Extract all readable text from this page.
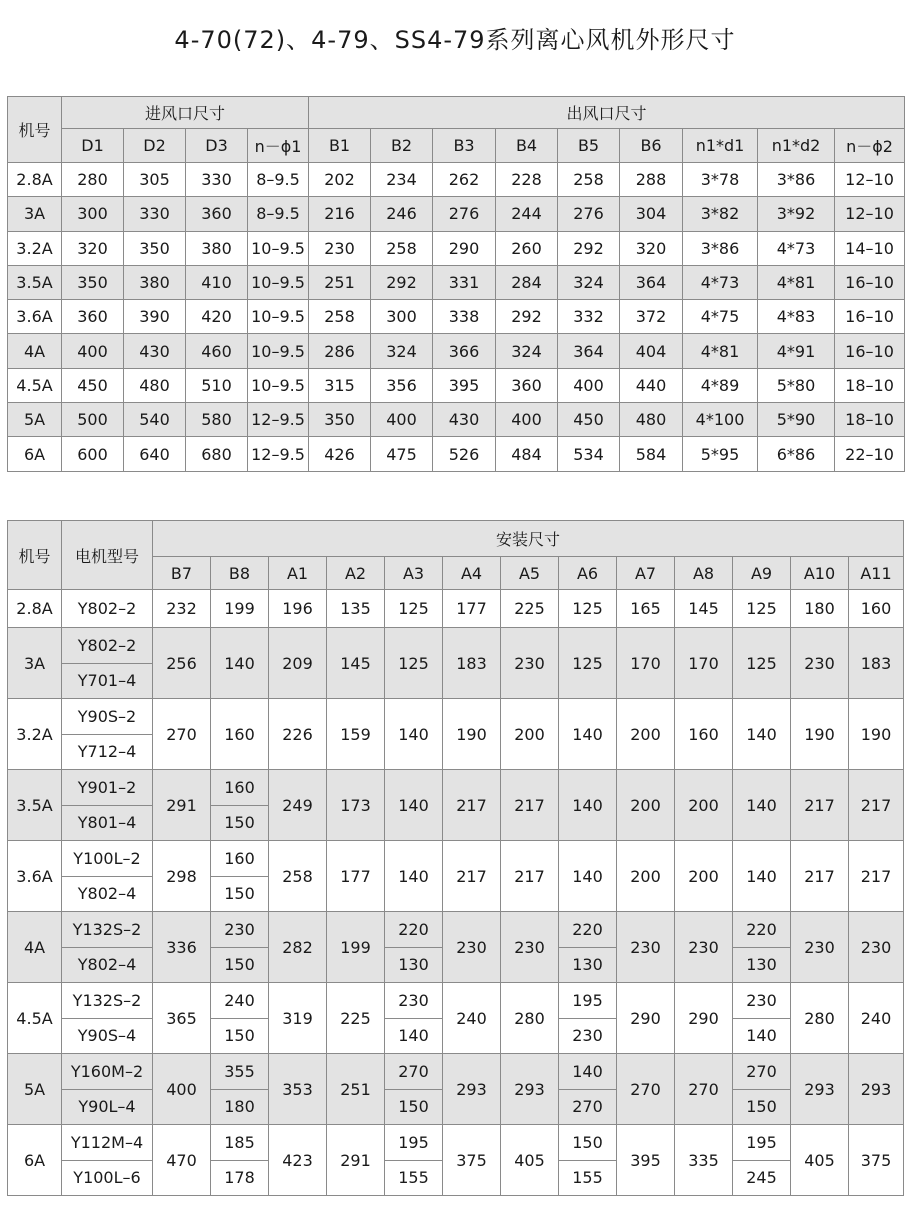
4-70(72)、4-79、SS4-79系列离心风机外形尺寸
机号	进风口尺寸				出风口尺寸								
	D1	D2	D3	n－ϕ1	B1	B2	B3	B4	B5	B6	n1*d1	n1*d2	n－ϕ2
2.8A	280	305	330	8–9.5	202	234	262	228	258	288	3*78	3*86	12–10
3A	300	330	360	8–9.5	216	246	276	244	276	304	3*82	3*92	12–10
3.2A	320	350	380	10–9.5	230	258	290	260	292	320	3*86	4*73	14–10
3.5A	350	380	410	10–9.5	251	292	331	284	324	364	4*73	4*81	16–10
3.6A	360	390	420	10–9.5	258	300	338	292	332	372	4*75	4*83	16–10
4A	400	430	460	10–9.5	286	324	366	324	364	404	4*81	4*91	16–10
4.5A	450	480	510	10–9.5	315	356	395	360	400	440	4*89	5*80	18–10
5A	500	540	580	12–9.5	350	400	430	400	450	480	4*100	5*90	18–10
6A	600	640	680	12–9.5	426	475	526	484	534	584	5*95	6*86	22–10
机号	电机型号	安装尺寸												
		B7	B8	A1	A2	A3	A4	A5	A6	A7	A8	A9	A10	A11
2.8A	Y802–2	232	199	196	135	125	177	225	125	165	145	125	180	160
3A	Y802–2	256	140	209	145	125	183	230	125	170	170	125	230	183
	Y701–4													
3.2A	Y90S–2	270	160	226	159	140	190	200	140	200	160	140	190	190
	Y712–4													
3.5A	Y901–2	291	160	249	173	140	217	217	140	200	200	140	217	217
	Y801–4		150											
3.6A	Y100L–2	298	160	258	177	140	217	217	140	200	200	140	217	217
	Y802–4		150											
4A	Y132S–2	336	230	282	199	220	230	230	220	230	230	220	230	230
	Y802–4		150			130			130			130		
4.5A	Y132S–2	365	240	319	225	230	240	280	195	290	290	230	280	240
	Y90S–4		150			140			230			140		
5A	Y160M–2	400	355	353	251	270	293	293	140	270	270	270	293	293
	Y90L–4		180			150			270			150		
6A	Y112M–4	470	185	423	291	195	375	405	150	395	335	195	405	375
	Y100L–6		178			155			155			245		
